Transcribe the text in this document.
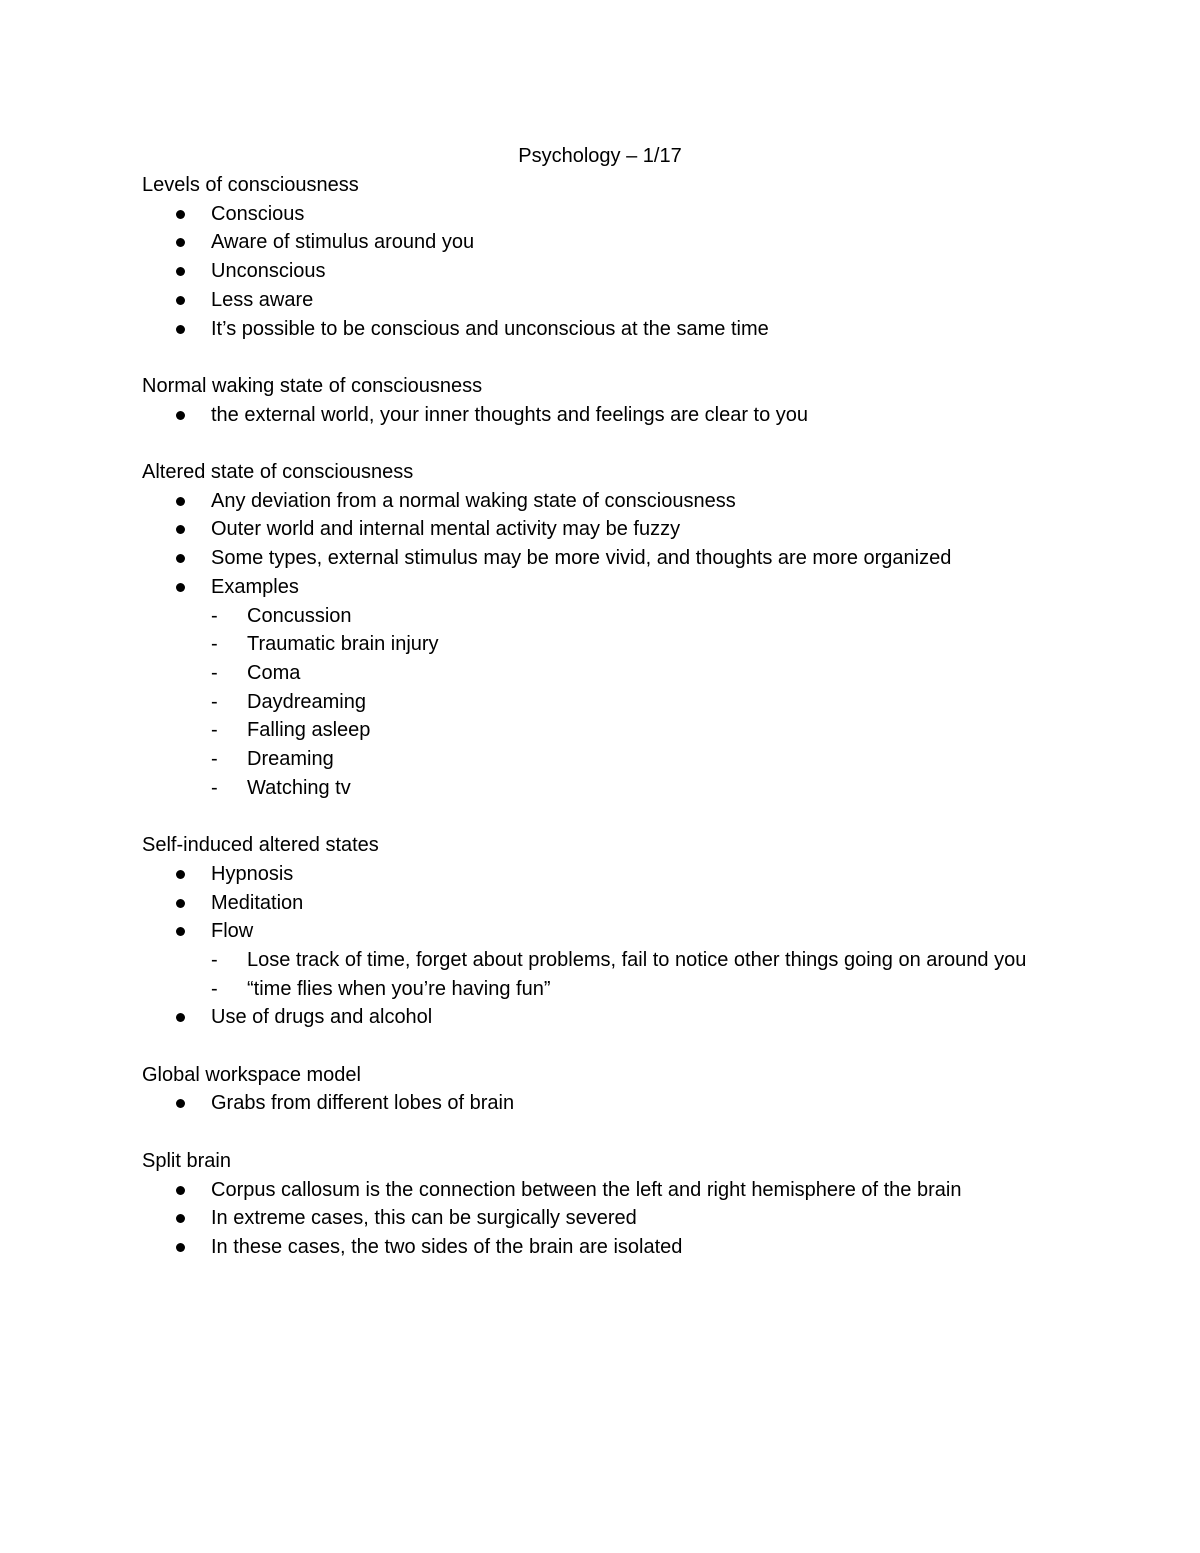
Psychology – 1/17

Levels of consciousness

Conscious
Aware of stimulus around you
Unconscious
Less aware
It’s possible to be conscious and unconscious at the same time

Normal waking state of consciousness

the external world, your inner thoughts and feelings are clear to you

Altered state of consciousness

Any deviation from a normal waking state of consciousness
Outer world and internal mental activity may be fuzzy
Some types, external stimulus may be more vivid, and thoughts are more organized
Examples
- Concussion
- Traumatic brain injury
- Coma
- Daydreaming
- Falling asleep
- Dreaming
- Watching tv

Self-induced altered states

Hypnosis
Meditation
Flow
- Lose track of time, forget about problems, fail to notice other things going on around you
- “time flies when you’re having fun”
Use of drugs and alcohol

Global workspace model

Grabs from different lobes of brain

Split brain

Corpus callosum is the connection between the left and right hemisphere of the brain
In extreme cases, this can be surgically severed
In these cases, the two sides of the brain are isolated
